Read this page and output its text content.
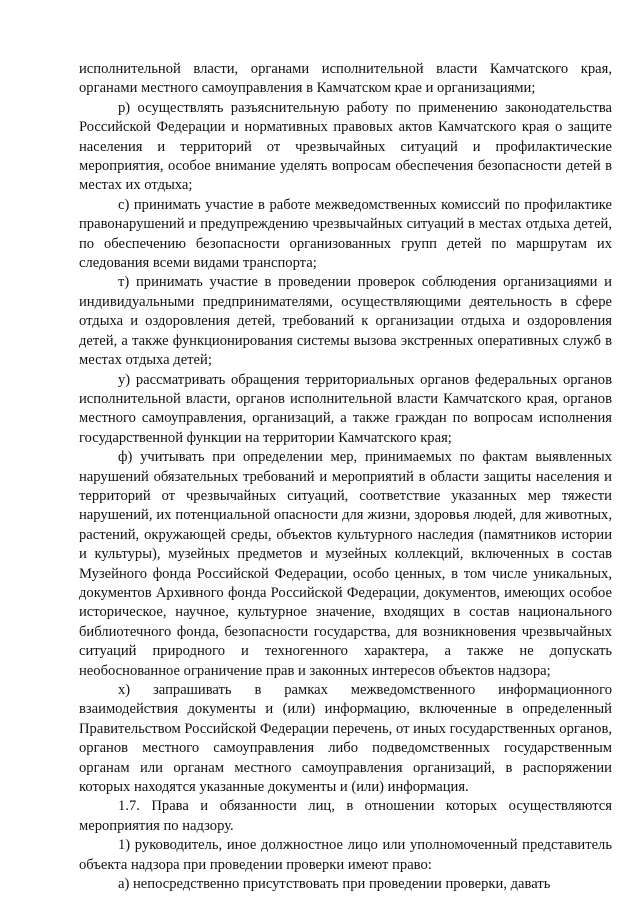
исполнительной власти, органами исполнительной власти Камчатского края, органами местного самоуправления в Камчатском крае и организациями;

р) осуществлять разъяснительную работу по применению законодательства Российской Федерации и нормативных правовых актов Камчатского края о защите населения и территорий от чрезвычайных ситуаций и профилактические мероприятия, особое внимание уделять вопросам обеспечения безопасности детей в местах их отдыха;

с) принимать участие в работе межведомственных комиссий по профилактике правонарушений и предупреждению чрезвычайных ситуаций в местах отдыха детей, по обеспечению безопасности организованных групп детей по маршрутам их следования всеми видами транспорта;

т) принимать участие в проведении проверок соблюдения организациями и индивидуальными предпринимателями, осуществляющими деятельность в сфере отдыха и оздоровления детей, требований к организации отдыха и оздоровления детей, а также функционирования системы вызова экстренных оперативных служб в местах отдыха детей;

у) рассматривать обращения территориальных органов федеральных органов исполнительной власти, органов исполнительной власти Камчатского края, органов местного самоуправления, организаций, а также граждан по вопросам исполнения государственной функции на территории Камчатского края;

ф) учитывать при определении мер, принимаемых по фактам выявленных нарушений обязательных требований и мероприятий в области защиты населения и территорий от чрезвычайных ситуаций, соответствие указанных мер тяжести нарушений, их потенциальной опасности для жизни, здоровья людей, для животных, растений, окружающей среды, объектов культурного наследия (памятников истории и культуры), музейных предметов и музейных коллекций, включенных в состав Музейного фонда Российской Федерации, особо ценных, в том числе уникальных, документов Архивного фонда Российской Федерации, документов, имеющих особое историческое, научное, культурное значение, входящих в состав национального библиотечного фонда, безопасности государства, для возникновения чрезвычайных ситуаций природного и техногенного характера, а также не допускать необоснованное ограничение прав и законных интересов объектов надзора;

х) запрашивать в рамках межведомственного информационного взаимодействия документы и (или) информацию, включенные в определенный Правительством Российской Федерации перечень, от иных государственных органов, органов местного самоуправления либо подведомственных государственным органам или органам местного самоуправления организаций, в распоряжении которых находятся указанные документы и (или) информация.

1.7. Права и обязанности лиц, в отношении которых осуществляются мероприятия по надзору.

1) руководитель, иное должностное лицо или уполномоченный представитель объекта надзора при проведении проверки имеют право:

а) непосредственно присутствовать при проведении проверки, давать
